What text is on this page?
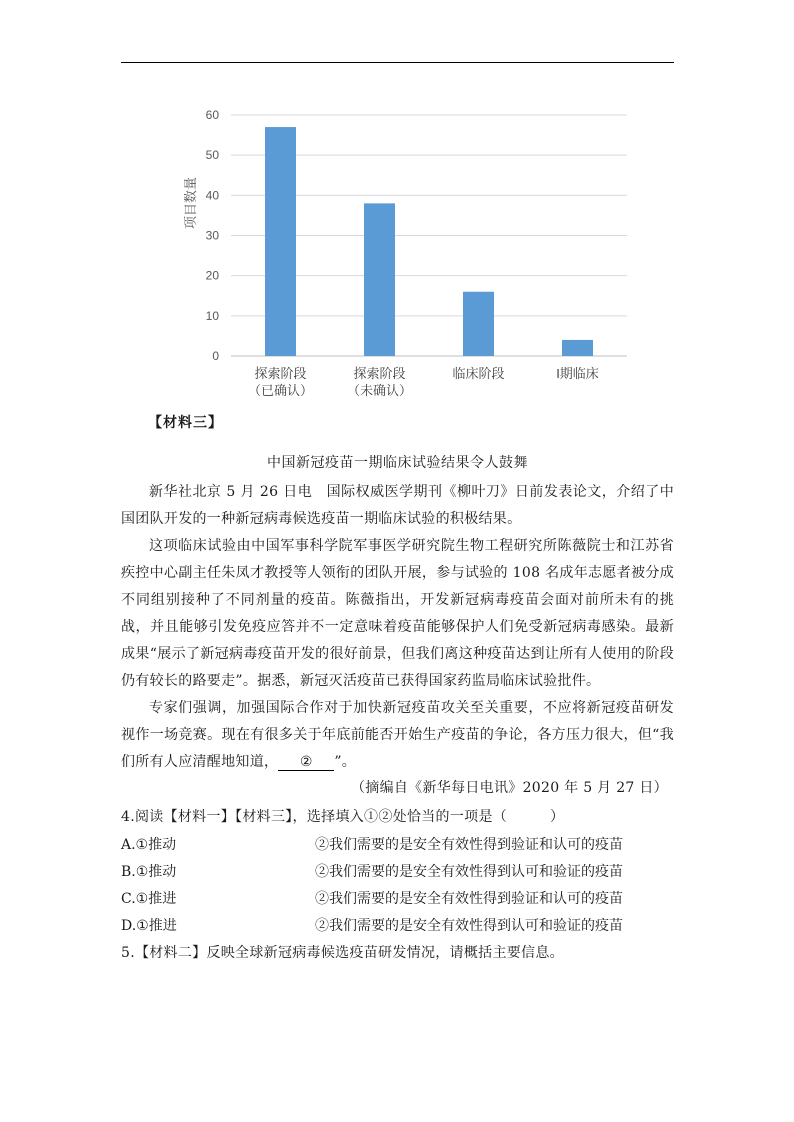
0
10
20
30
40
50
60
项目数量
探索阶段
（已确认）
探索阶段
（未确认）
临床阶段	I期临床
【材料三】
中国新冠疫苗一期临床试验结果令人鼓舞
新华社北京 5 月 26 日电　国际权威医学期刊《柳叶刀》日前发表论文，介绍了中国团队开发的一种新冠病毒候选疫苗一期临床试验的积极结果。
这项临床试验由中国军事科学院军事医学研究院生物工程研究所陈薇院士和江苏省疾控中心副主任朱凤才教授等人领衔的团队开展，参与试验的 108 名成年志愿者被分成不同组别接种了不同剂量的疫苗。陈薇指出，开发新冠病毒疫苗会面对前所未有的挑战，并且能够引发免疫应答并不一定意味着疫苗能够保护人们免受新冠病毒感染。最新成果“展示了新冠病毒疫苗开发的很好前景，但我们离这种疫苗达到让所有人使用的阶段仍有较长的路要走”。据悉，新冠灭活疫苗已获得国家药监局临床试验批件。
专家们强调，加强国际合作对于加快新冠疫苗攻关至关重要，不应将新冠疫苗研发视作一场竞赛。现在有很多关于年底前能否开始生产疫苗的争论，各方压力很大，但“我们所有人应清醒地知道， ② ”。
（摘编自《新华每日电讯》2020 年 5 月 27 日）
4.阅读【材料一】【材料三】，选择填入①②处恰当的一项是（　　　）
A.①推动	②我们需要的是安全有效性得到验证和认可的疫苗
B.①推动	②我们需要的是安全有效性得到认可和验证的疫苗
C.①推进	②我们需要的是安全有效性得到验证和认可的疫苗
D.①推进	②我们需要的是安全有效性得到认可和验证的疫苗
5.【材料二】反映全球新冠病毒候选疫苗研发情况，请概括主要信息。
